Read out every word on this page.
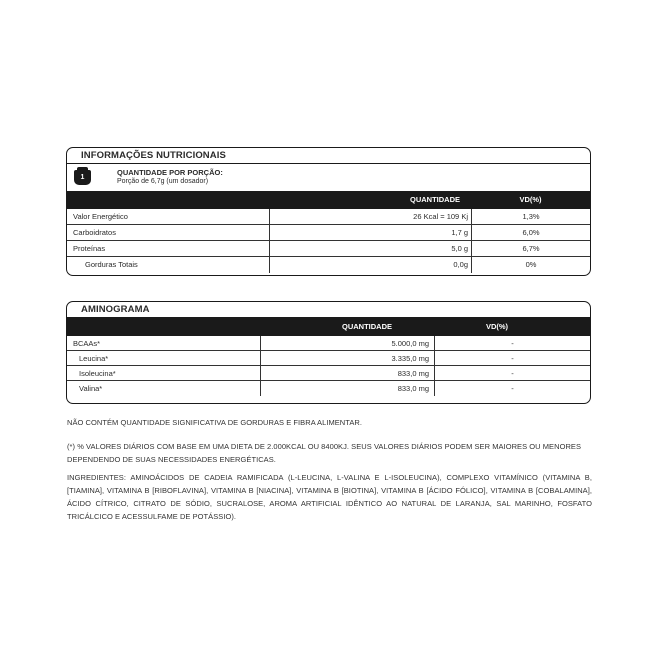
INFORMAÇÕES NUTRICIONAIS
1
QUANTIDADE POR PORÇÃO:
Porção de 6,7g (um dosador)
QUANTIDADE	VD(%)
Valor Energético	26 Kcal = 109 Kj	1,3%
Carboidratos	1,7 g	6,0%
Proteínas	5,0 g	6,7%
Gorduras Totais	0,0g	0%
AMINOGRAMA
QUANTIDADE	VD(%)
BCAAs*	5.000,0 mg	-
Leucina*	3.335,0 mg	-
Isoleucina*	833,0 mg	-
Valina*	833,0 mg	-
NÃO CONTÉM QUANTIDADE SIGNIFICATIVA DE GORDURAS E FIBRA ALIMENTAR.
(*) % VALORES DIÁRIOS COM BASE EM UMA DIETA DE 2.000KCAL OU 8400KJ. SEUS VALORES DIÁRIOS PODEM SER MAIORES OU MENORES DEPENDENDO DE SUAS NECESSIDADES ENERGÉTICAS.
INGREDIENTES: AMINOÁCIDOS DE CADEIA RAMIFICADA (L-LEUCINA, L-VALINA E L-ISOLEUCINA), COMPLEXO VITAMÍNICO (VITAMINA B, [TIAMINA], VITAMINA B [RIBOFLAVINA], VITAMINA B [NIACINA], VITAMINA B [BIOTINA], VITAMINA B [ÁCIDO FÓLICO], VITAMINA B [COBALAMINA], ÁCIDO CÍTRICO, CITRATO DE SÓDIO, SUCRALOSE, AROMA ARTIFICIAL IDÊNTICO AO NATURAL DE LARANJA, SAL MARINHO, FOSFATO TRICÁLCICO E ACESSULFAME DE POTÁSSIO).
